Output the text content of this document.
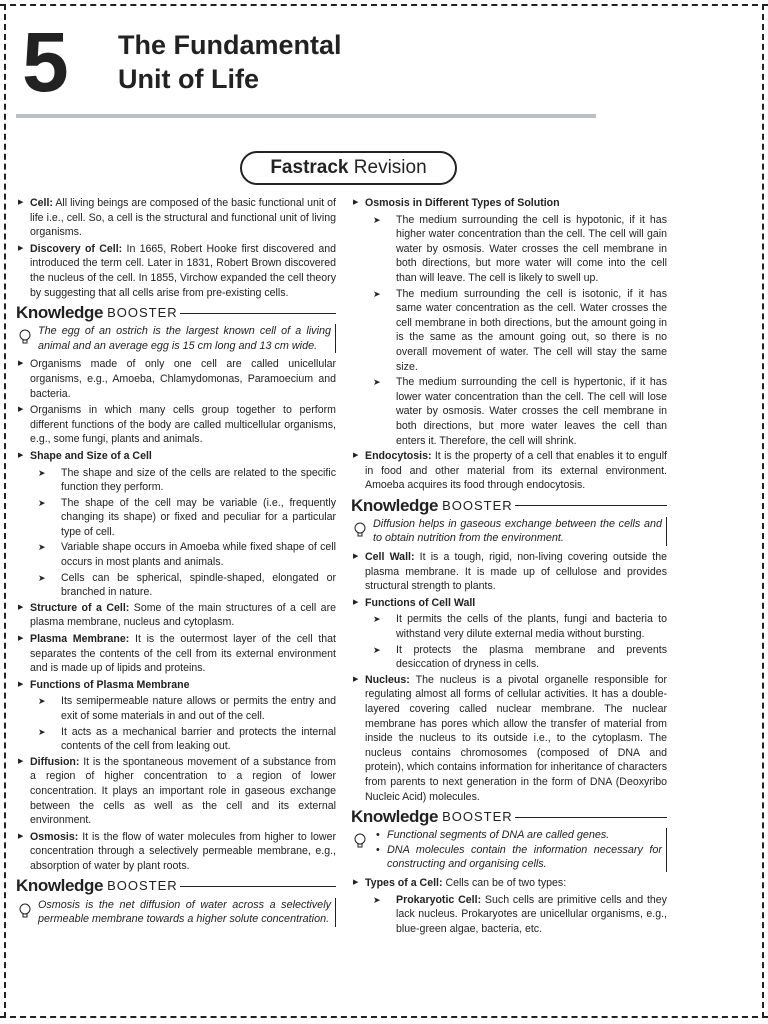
5 The Fundamental
Unit of Life
Fastrack Revision
▶ Cell: All living beings are composed of the basic functional unit of life i.e., cell. So, a cell is the structural and functional unit of living organisms.
▶ Discovery of Cell: In 1665, Robert Hooke first discovered and introduced the term cell. Later in 1831, Robert Brown discovered the nucleus of the cell. In 1855, Virchow expanded the cell theory by suggesting that all cells arise from pre-existing cells.
Knowledge BOOSTER
The egg of an ostrich is the largest known cell of a living animal and an average egg is 15 cm long and 13 cm wide.
▶ Organisms made of only one cell are called unicellular organisms, e.g., Amoeba, Chlamydomonas, Paramoecium and bacteria.
▶ Organisms in which many cells group together to perform different functions of the body are called multicellular organisms, e.g., some fungi, plants and animals.
▶ Shape and Size of a Cell
➤ The shape and size of the cells are related to the specific function they perform.
➤ The shape of the cell may be variable (i.e., frequently changing its shape) or fixed and peculiar for a particular type of cell.
➤ Variable shape occurs in Amoeba while fixed shape of cell occurs in most plants and animals.
➤ Cells can be spherical, spindle-shaped, elongated or branched in nature.
▶ Structure of a Cell: Some of the main structures of a cell are plasma membrane, nucleus and cytoplasm.
▶ Plasma Membrane: It is the outermost layer of the cell that separates the contents of the cell from its external environment and is made up of lipids and proteins.
▶ Functions of Plasma Membrane
➤ Its semipermeable nature allows or permits the entry and exit of some materials in and out of the cell.
➤ It acts as a mechanical barrier and protects the internal contents of the cell from leaking out.
▶ Diffusion: It is the spontaneous movement of a substance from a region of higher concentration to a region of lower concentration. It plays an important role in gaseous exchange between the cells as well as the cell and its external environment.
▶ Osmosis: It is the flow of water molecules from higher to lower concentration through a selectively permeable membrane, e.g., absorption of water by plant roots.
Knowledge BOOSTER
Osmosis is the net diffusion of water across a selectively permeable membrane towards a higher solute concentration.
▶ Osmosis in Different Types of Solution
➤ The medium surrounding the cell is hypotonic, if it has higher water concentration than the cell. The cell will gain water by osmosis. Water crosses the cell membrane in both directions, but more water will come into the cell than will leave. The cell is likely to swell up.
➤ The medium surrounding the cell is isotonic, if it has same water concentration as the cell. Water crosses the cell membrane in both directions, but the amount going in is the same as the amount going out, so there is no overall movement of water. The cell will stay the same size.
➤ The medium surrounding the cell is hypertonic, if it has lower water concentration than the cell. The cell will lose water by osmosis. Water crosses the cell membrane in both directions, but more water leaves the cell than enters it. Therefore, the cell will shrink.
▶ Endocytosis: It is the property of a cell that enables it to engulf in food and other material from its external environment. Amoeba acquires its food through endocytosis.
Knowledge BOOSTER
Diffusion helps in gaseous exchange between the cells and to obtain nutrition from the environment.
▶ Cell Wall: It is a tough, rigid, non-living covering outside the plasma membrane. It is made up of cellulose and provides structural strength to plants.
▶ Functions of Cell Wall
➤ It permits the cells of the plants, fungi and bacteria to withstand very dilute external media without bursting.
➤ It protects the plasma membrane and prevents desiccation of dryness in cells.
▶ Nucleus: The nucleus is a pivotal organelle responsible for regulating almost all forms of cellular activities. It has a double-layered covering called nuclear membrane. The nuclear membrane has pores which allow the transfer of material from inside the nucleus to its outside i.e., to the cytoplasm. The nucleus contains chromosomes (composed of DNA and protein), which contains information for inheritance of characters from parents to next generation in the form of DNA (Deoxyribo Nucleic Acid) molecules.
Knowledge BOOSTER
• Functional segments of DNA are called genes.
• DNA molecules contain the information necessary for constructing and organising cells.
▶ Types of a Cell: Cells can be of two types:
➤ Prokaryotic Cell: Such cells are primitive cells and they lack nucleus. Prokaryotes are unicellular organisms, e.g., blue-green algae, bacteria, etc.
